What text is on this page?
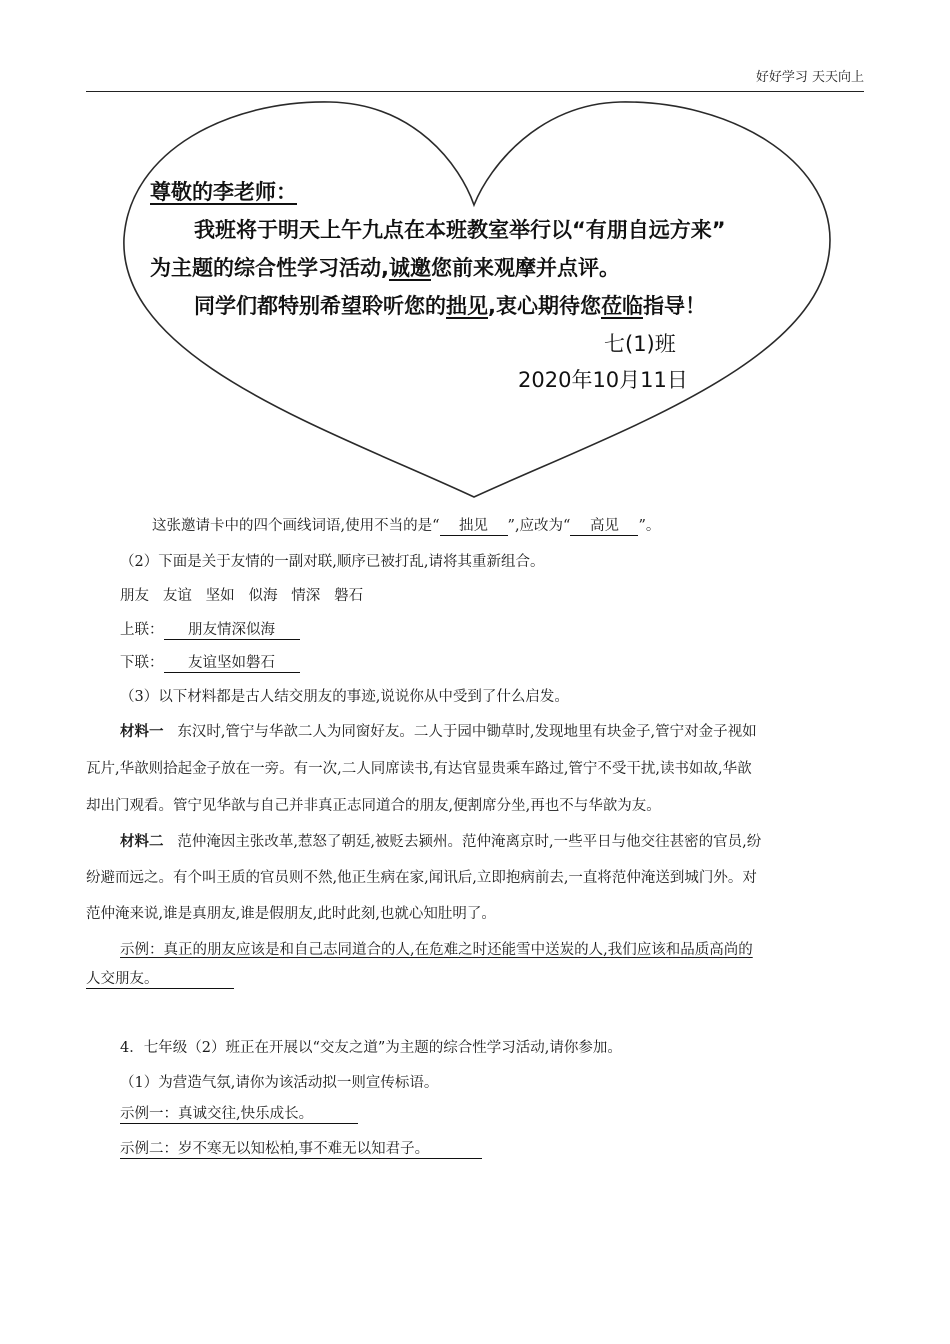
好好学习 天天向上
尊敬的李老师：
我班将于明天上午九点在本班教室举行以“有朋自远方来”
为主题的综合性学习活动,诚邀您前来观摩并点评。
同学们都特别希望聆听您的拙见,衷心期待您莅临指导！
七(1)班
2020年10月11日
这张邀请卡中的四个画线词语,使用不当的是“ 拙见 ”,应改为“ 高见 ”。
（2）下面是关于友情的一副对联,顺序已被打乱,请将其重新组合。
朋友   友谊   坚如   似海   情深   磐石
上联： 朋友情深似海
下联： 友谊坚如磐石
（3）以下材料都是古人结交朋友的事迹,说说你从中受到了什么启发。
材料一 东汉时,管宁与华歆二人为同窗好友。二人于园中锄草时,发现地里有块金子,管宁对金子视如
瓦片,华歆则拾起金子放在一旁。有一次,二人同席读书,有达官显贵乘车路过,管宁不受干扰,读书如故,华歆
却出门观看。管宁见华歆与自己并非真正志同道合的朋友,便割席分坐,再也不与华歆为友。
材料二 范仲淹因主张改革,惹怒了朝廷,被贬去颍州。范仲淹离京时,一些平日与他交往甚密的官员,纷
纷避而远之。有个叫王质的官员则不然,他正生病在家,闻讯后,立即抱病前去,一直将范仲淹送到城门外。对
范仲淹来说,谁是真朋友,谁是假朋友,此时此刻,也就心知肚明了。
示例：真正的朋友应该是和自己志同道合的人,在危难之时还能雪中送炭的人,我们应该和品质高尚的
人交朋友。
4．七年级（2）班正在开展以“交友之道”为主题的综合性学习活动,请你参加。
（1）为营造气氛,请你为该活动拟一则宣传标语。
示例一：真诚交往,快乐成长。
示例二：岁不寒无以知松柏,事不难无以知君子。
